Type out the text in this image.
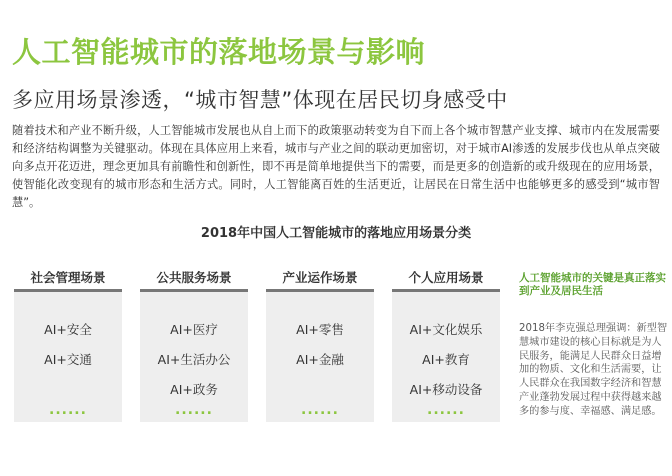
人工智能城市的落地场景与影响
多应用场景渗透，“城市智慧”体现在居民切身感受中
随着技术和产业不断升级，人工智能城市发展也从自上而下的政策驱动转变为自下而上各个城市智慧产业支撑、城市内在发展需要和经济结构调整为关键驱动。体现在具体应用上来看，城市与产业之间的联动更加密切，对于城市AI渗透的发展步伐也从单点突破向多点开花迈进，理念更加具有前瞻性和创新性，即不再是简单地提供当下的需要，而是更多的创造新的或升级现在的应用场景，使智能化改变现有的城市形态和生活方式。同时，人工智能离百姓的生活更近，让居民在日常生活中也能够更多的感受到“城市智慧”。
2018年中国人工智能城市的落地应用场景分类
社会管理场景
AI+安全
AI+交通
......
公共服务场景
AI+医疗
AI+生活办公
AI+政务
......
产业运作场景
AI+零售
AI+金融
......
个人应用场景
AI+文化娱乐
AI+教育
AI+移动设备
......
人工智能城市的关键是真正落实到产业及居民生活
2018年李克强总理强调：新型智慧城市建设的核心目标就是为人民服务，能满足人民群众日益增加的物质、文化和生活需要，让人民群众在我国数字经济和智慧产业蓬勃发展过程中获得越来越多的参与度、幸福感、满足感。
